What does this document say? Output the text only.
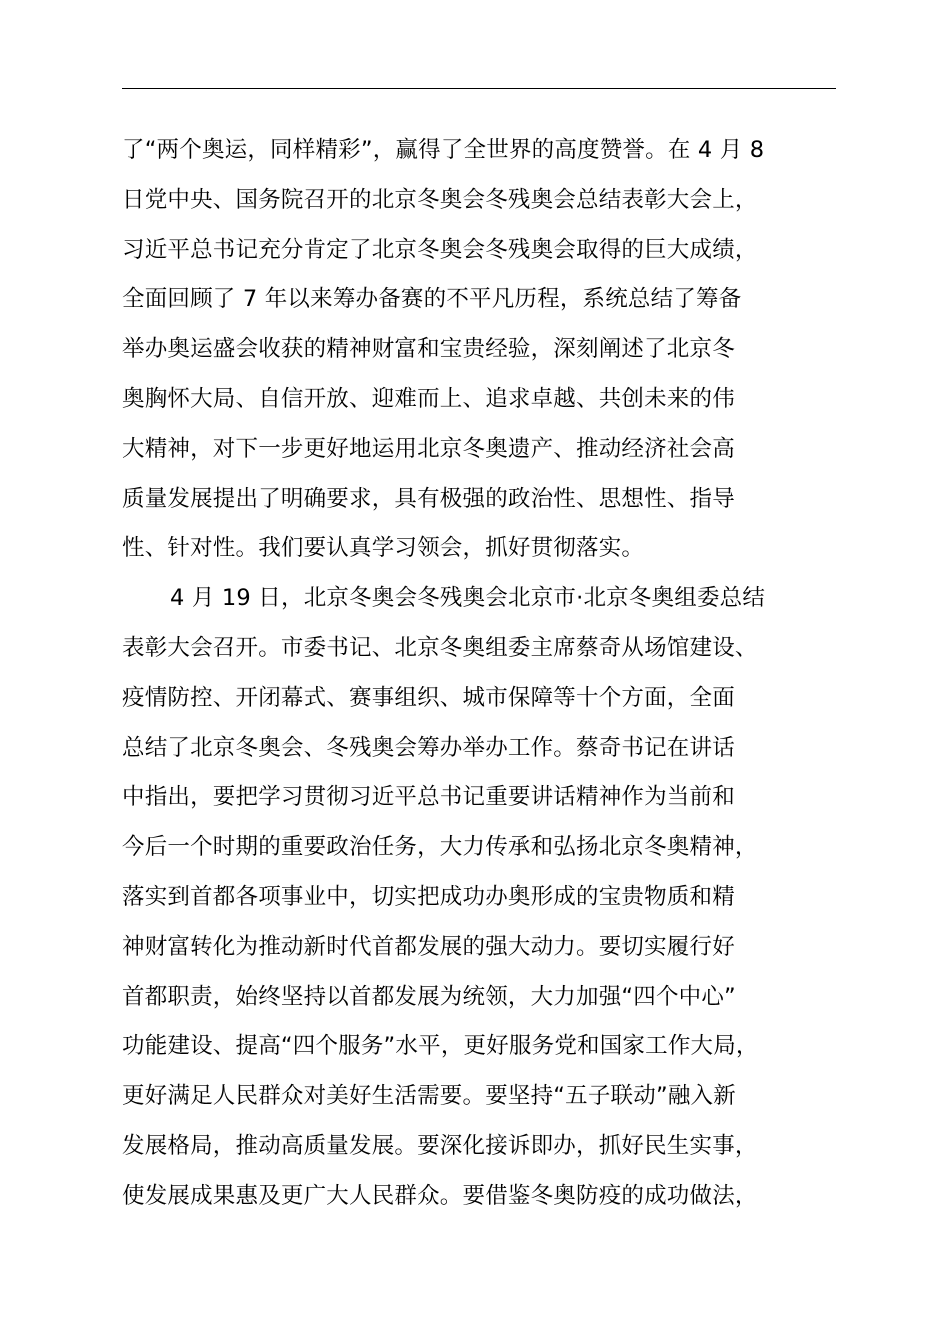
了“两个奥运，同样精彩”，赢得了全世界的高度赞誉。在 4 月 8
日党中央、国务院召开的北京冬奥会冬残奥会总结表彰大会上，
习近平总书记充分肯定了北京冬奥会冬残奥会取得的巨大成绩，
全面回顾了 7 年以来筹办备赛的不平凡历程，系统总结了筹备
举办奥运盛会收获的精神财富和宝贵经验，深刻阐述了北京冬
奥胸怀大局、自信开放、迎难而上、追求卓越、共创未来的伟
大精神，对下一步更好地运用北京冬奥遗产、推动经济社会高
质量发展提出了明确要求，具有极强的政治性、思想性、指导
性、针对性。我们要认真学习领会，抓好贯彻落实。
4 月 19 日，北京冬奥会冬残奥会北京市·北京冬奥组委总结
表彰大会召开。市委书记、北京冬奥组委主席蔡奇从场馆建设、
疫情防控、开闭幕式、赛事组织、城市保障等十个方面，全面
总结了北京冬奥会、冬残奥会筹办举办工作。蔡奇书记在讲话
中指出，要把学习贯彻习近平总书记重要讲话精神作为当前和
今后一个时期的重要政治任务，大力传承和弘扬北京冬奥精神，
落实到首都各项事业中，切实把成功办奥形成的宝贵物质和精
神财富转化为推动新时代首都发展的强大动力。要切实履行好
首都职责，始终坚持以首都发展为统领，大力加强“四个中心”
功能建设、提高“四个服务”水平，更好服务党和国家工作大局，
更好满足人民群众对美好生活需要。要坚持“五子联动”融入新
发展格局，推动高质量发展。要深化接诉即办，抓好民生实事，
使发展成果惠及更广大人民群众。要借鉴冬奥防疫的成功做法，
